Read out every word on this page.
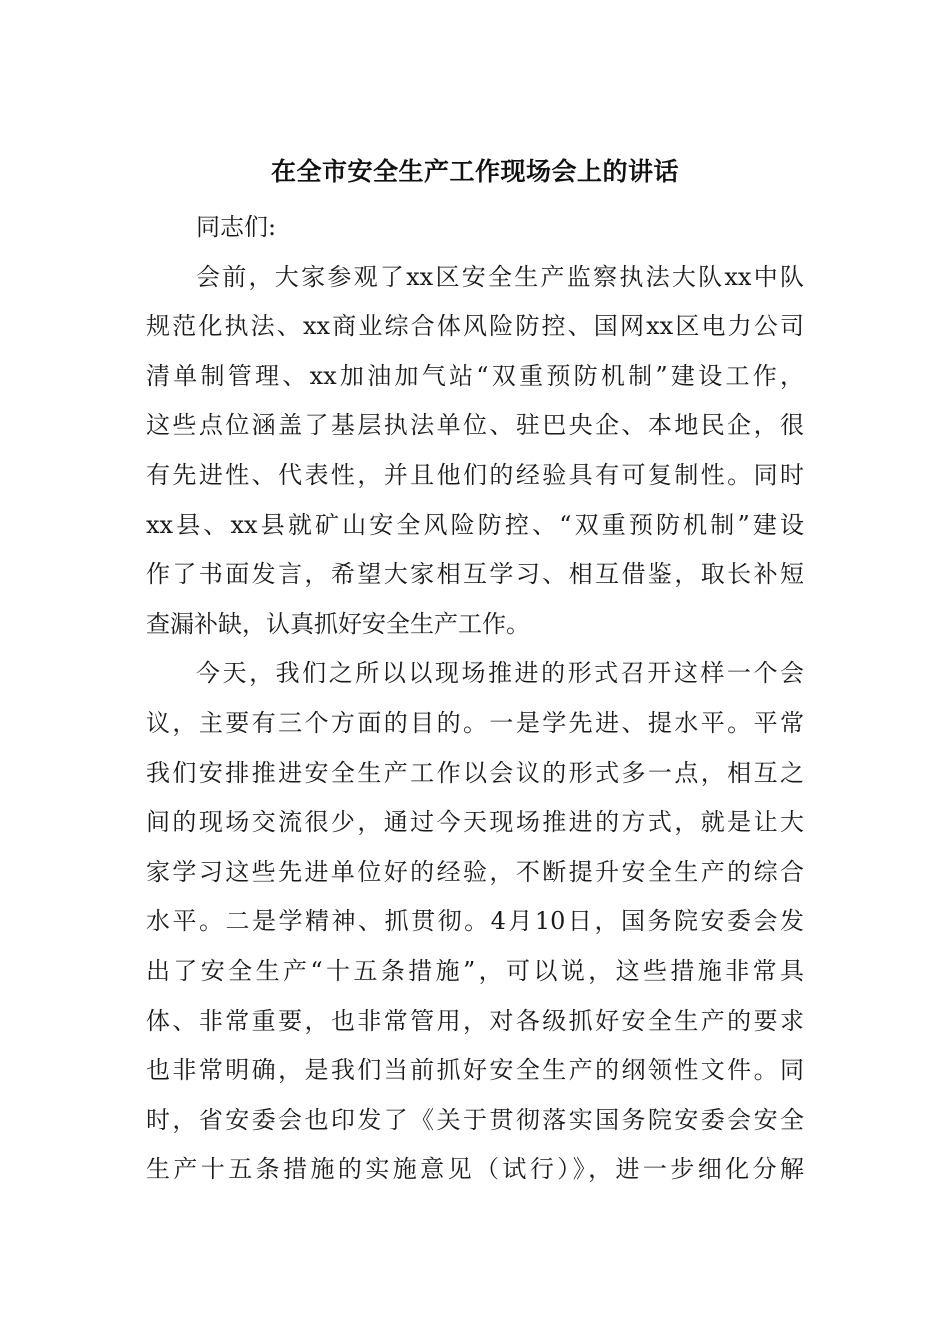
在全市安全生产工作现场会上的讲话
同志们:
会前，大家参观了xx区安全生产监察执法大队xx中队
规范化执法、xx商业综合体风险防控、国网xx区电力公司
清单制管理、xx加油加气站“双重预防机制”建设工作，
这些点位涵盖了基层执法单位、驻巴央企、本地民企，很
有先进性、代表性，并且他们的经验具有可复制性。同时
xx县、xx县就矿山安全风险防控、“双重预防机制”建设
作了书面发言，希望大家相互学习、相互借鉴，取长补短
查漏补缺，认真抓好安全生产工作。
今天，我们之所以以现场推进的形式召开这样一个会
议，主要有三个方面的目的。一是学先进、提水平。平常
我们安排推进安全生产工作以会议的形式多一点，相互之
间的现场交流很少，通过今天现场推进的方式，就是让大
家学习这些先进单位好的经验，不断提升安全生产的综合
水平。二是学精神、抓贯彻。4月10日，国务院安委会发
出了安全生产“十五条措施”，可以说，这些措施非常具
体、非常重要，也非常管用，对各级抓好安全生产的要求
也非常明确，是我们当前抓好安全生产的纲领性文件。同
时，省安委会也印发了《关于贯彻落实国务院安委会安全
生产十五条措施的实施意见（试行）》，进一步细化分解
